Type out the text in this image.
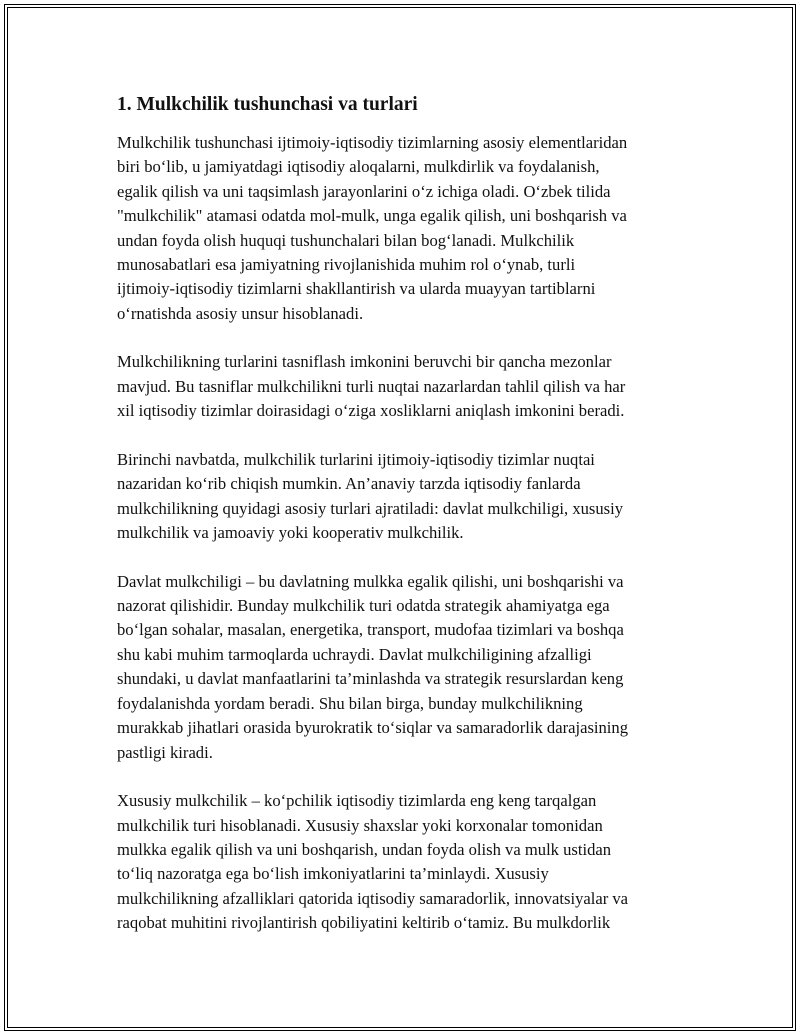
1. Mulkchilik tushunchasi va turlari

Mulkchilik tushunchasi ijtimoiy-iqtisodiy tizimlarning asosiy elementlaridan
biri bo‘lib, u jamiyatdagi iqtisodiy aloqalarni, mulkdirlik va foydalanish,
egalik qilish va uni taqsimlash jarayonlarini o‘z ichiga oladi. O‘zbek tilida
"mulkchilik" atamasi odatda mol-mulk, unga egalik qilish, uni boshqarish va
undan foyda olish huquqi tushunchalari bilan bog‘lanadi. Mulkchilik
munosabatlari esa jamiyatning rivojlanishida muhim rol o‘ynab, turli
ijtimoiy-iqtisodiy tizimlarni shakllantirish va ularda muayyan tartiblarni
o‘rnatishda asosiy unsur hisoblanadi.

Mulkchilikning turlarini tasniflash imkonini beruvchi bir qancha mezonlar
mavjud. Bu tasniflar mulkchilikni turli nuqtai nazarlardan tahlil qilish va har
xil iqtisodiy tizimlar doirasidagi o‘ziga xosliklarni aniqlash imkonini beradi.

Birinchi navbatda, mulkchilik turlarini ijtimoiy-iqtisodiy tizimlar nuqtai
nazaridan ko‘rib chiqish mumkin. An’anaviy tarzda iqtisodiy fanlarda
mulkchilikning quyidagi asosiy turlari ajratiladi: davlat mulkchiligi, xususiy
mulkchilik va jamoaviy yoki kooperativ mulkchilik.

Davlat mulkchiligi – bu davlatning mulkka egalik qilishi, uni boshqarishi va
nazorat qilishidir. Bunday mulkchilik turi odatda strategik ahamiyatga ega
bo‘lgan sohalar, masalan, energetika, transport, mudofaa tizimlari va boshqa
shu kabi muhim tarmoqlarda uchraydi. Davlat mulkchiligining afzalligi
shundaki, u davlat manfaatlarini ta’minlashda va strategik resurslardan keng
foydalanishda yordam beradi. Shu bilan birga, bunday mulkchilikning
murakkab jihatlari orasida byurokratik to‘siqlar va samaradorlik darajasining
pastligi kiradi.

Xususiy mulkchilik – ko‘pchilik iqtisodiy tizimlarda eng keng tarqalgan
mulkchilik turi hisoblanadi. Xususiy shaxslar yoki korxonalar tomonidan
mulkka egalik qilish va uni boshqarish, undan foyda olish va mulk ustidan
to‘liq nazoratga ega bo‘lish imkoniyatlarini ta’minlaydi. Xususiy
mulkchilikning afzalliklari qatorida iqtisodiy samaradorlik, innovatsiyalar va
raqobat muhitini rivojlantirish qobiliyatini keltirib o‘tamiz. Bu mulkdorlik
